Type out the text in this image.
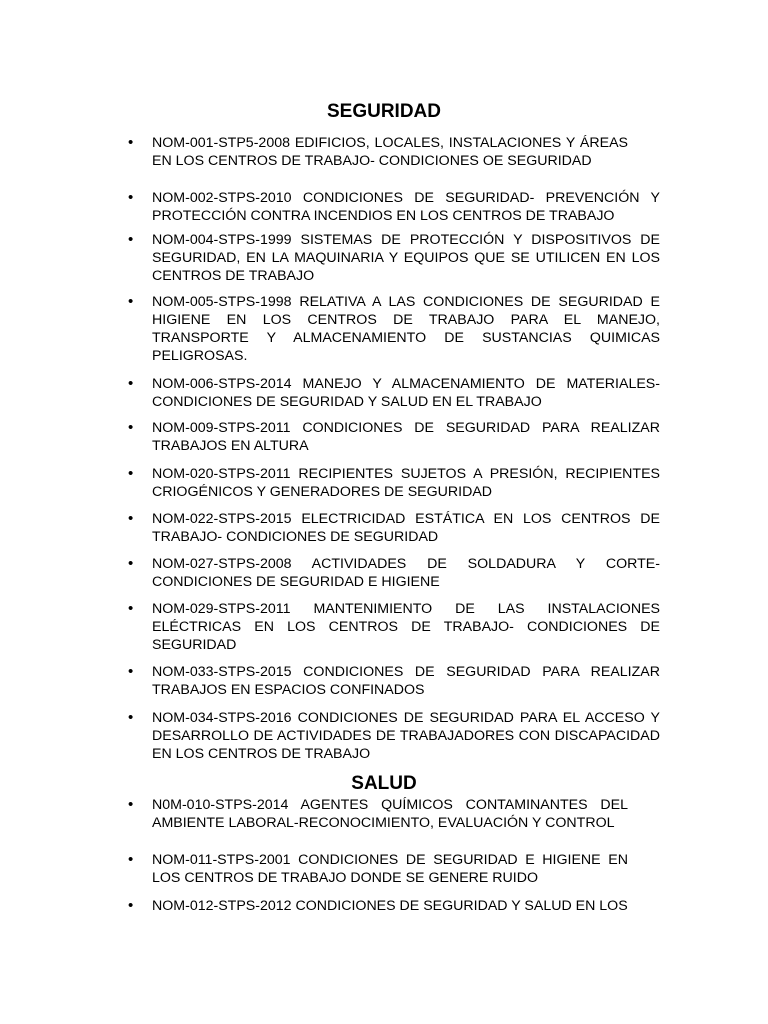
SEGURIDAD
• NOM-001-STP5-2008 EDIFICIOS, LOCALES, INSTALACIONES Y ÁREAS EN LOS CENTROS DE TRABAJO- CONDICIONES OE SEGURIDAD
• NOM-002-STPS-2010 CONDICIONES DE SEGURIDAD- PREVENCIÓN Y PROTECCIÓN CONTRA INCENDIOS EN LOS CENTROS DE TRABAJO
• NOM-004-STPS-1999 SISTEMAS DE PROTECCIÓN Y DISPOSITIVOS DE SEGURIDAD, EN LA MAQUINARIA Y EQUIPOS QUE SE UTILICEN EN LOS CENTROS DE TRABAJO
• NOM-005-STPS-1998 RELATIVA A LAS CONDICIONES DE SEGURIDAD E HIGIENE EN LOS CENTROS DE TRABAJO PARA EL MANEJO, TRANSPORTE Y ALMACENAMIENTO DE SUSTANCIAS QUIMICAS PELIGROSAS.
• NOM-006-STPS-2014 MANEJO Y ALMACENAMIENTO DE MATERIALES- CONDICIONES DE SEGURIDAD Y SALUD EN EL TRABAJO
• NOM-009-STPS-2011 CONDICIONES DE SEGURIDAD PARA REALIZAR TRABAJOS EN ALTURA
• NOM-020-STPS-2011 RECIPIENTES SUJETOS A PRESIÓN, RECIPIENTES CRIOGÉNICOS Y GENERADORES DE SEGURIDAD
• NOM-022-STPS-2015 ELECTRICIDAD ESTÁTICA EN LOS CENTROS DE TRABAJO- CONDICIONES DE SEGURIDAD
• NOM-027-STPS-2008 ACTIVIDADES DE SOLDADURA Y CORTE- CONDICIONES DE SEGURIDAD E HIGIENE
• NOM-029-STPS-2011 MANTENIMIENTO DE LAS INSTALACIONES ELÉCTRICAS EN LOS CENTROS DE TRABAJO- CONDICIONES DE SEGURIDAD
• NOM-033-STPS-2015 CONDICIONES DE SEGURIDAD PARA REALIZAR TRABAJOS EN ESPACIOS CONFINADOS
• NOM-034-STPS-2016 CONDICIONES DE SEGURIDAD PARA EL ACCESO Y DESARROLLO DE ACTIVIDADES DE TRABAJADORES CON DISCAPACIDAD EN LOS CENTROS DE TRABAJO
SALUD
• N0M-010-STPS-2014 AGENTES QUÍMICOS CONTAMINANTES DEL AMBIENTE LABORAL-RECONOCIMIENTO, EVALUACIÓN Y CONTROL
• NOM-011-STPS-2001 CONDICIONES DE SEGURIDAD E HIGIENE EN LOS CENTROS DE TRABAJO DONDE SE GENERE RUIDO
• NOM-012-STPS-2012 CONDICIONES DE SEGURIDAD Y SALUD EN LOS
